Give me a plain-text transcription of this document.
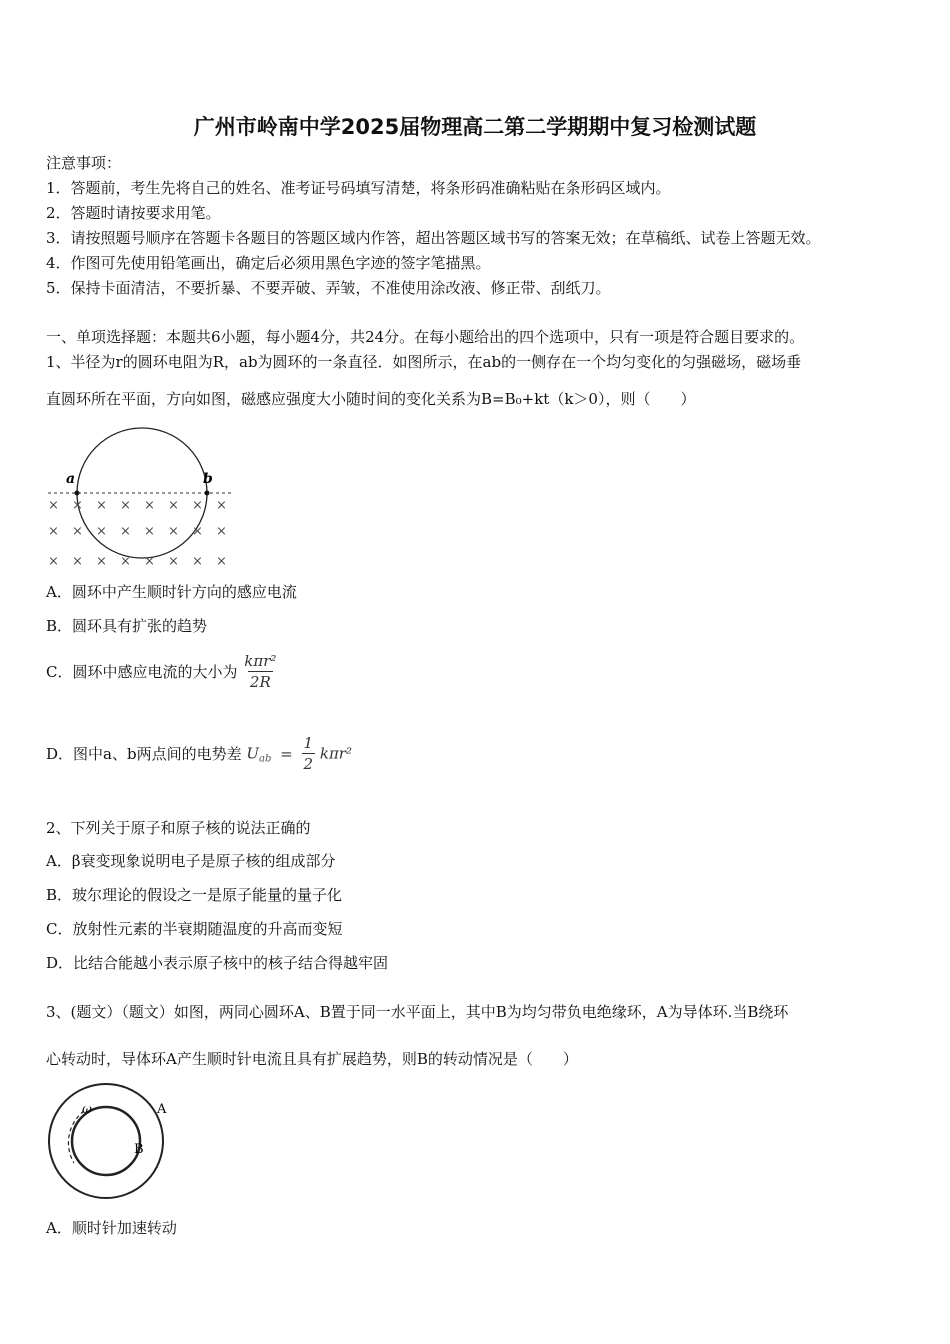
广州市岭南中学2025届物理高二第二学期期中复习检测试题
注意事项：
1．答题前，考生先将自己的姓名、准考证号码填写清楚，将条形码准确粘贴在条形码区域内。
2．答题时请按要求用笔。
3．请按照题号顺序在答题卡各题目的答题区域内作答，超出答题区域书写的答案无效；在草稿纸、试卷上答题无效。
4．作图可先使用铅笔画出，确定后必须用黑色字迹的签字笔描黑。
5．保持卡面清洁，不要折暴、不要弄破、弄皱，不准使用涂改液、修正带、刮纸刀。
一、单项选择题：本题共6小题，每小题4分，共24分。在每小题给出的四个选项中，只有一项是符合题目要求的。
1、半径为r的圆环电阻为R，ab为圆环的一条直径．如图所示，在ab的一侧存在一个均匀变化的匀强磁场，磁场垂
直圆环所在平面，方向如图，磁感应强度大小随时间的变化关系为B=B₀+kt（k＞0），则（　　）
a	b
× × × × × × × ×
× × × × × × × ×
× × × × × × × ×
A．圆环中产生顺时针方向的感应电流
B．圆环具有扩张的趋势
C．圆环中感应电流的大小为 $\frac{\text{kπr²}}{2R}$
D．图中a、b两点间的电势差 $U_{ab} = \frac{1}{2} k\pi r^2$
2、下列关于原子和原子核的说法正确的
A．β衰变现象说明电子是原子核的组成部分
B．玻尔理论的假设之一是原子能量的量子化
C．放射性元素的半衰期随温度的升高而变短
D．比结合能越小表示原子核中的核子结合得越牢固
3、(题文）（题文）如图，两同心圆环A、B置于同一水平面上，其中B为均匀带负电绝缘环，A为导体环.当B绕环
心转动时，导体环A产生顺时针电流且具有扩展趋势，则B的转动情况是（　　）
ω	A
B
A．顺时针加速转动
